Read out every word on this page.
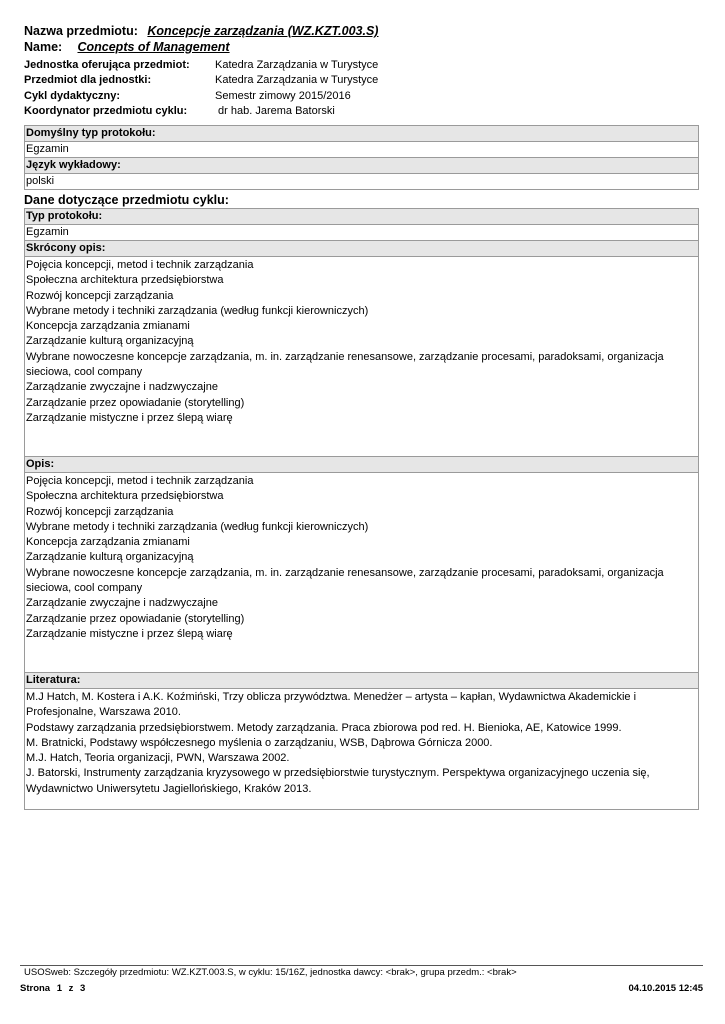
Nazwa przedmiotu: Koncepcje zarządzania (WZ.KZT.003.S)
Name: Concepts of Management
Jednostka oferująca przedmiot:	Katedra Zarządzania w Turystyce
Przedmiot dla jednostki:	Katedra Zarządzania w Turystyce
Cykl dydaktyczny:	Semestr zimowy 2015/2016
Koordynator przedmiotu cyklu:	dr hab. Jarema Batorski
Domyślny typ protokołu:
Egzamin
Język wykładowy:
polski
Dane dotyczące przedmiotu cyklu:
Typ protokołu:
Egzamin
Skrócony opis:
Pojęcia koncepcji, metod i technik zarządzania
Społeczna architektura przedsiębiorstwa
Rozwój koncepcji zarządzania
Wybrane metody i techniki zarządzania (według funkcji kierowniczych)
Koncepcja zarządzania zmianami
Zarządzanie kulturą organizacyjną
Wybrane nowoczesne koncepcje zarządzania, m. in. zarządzanie renesansowe, zarządzanie procesami, paradoksami, organizacja
sieciowa, cool company
Zarządzanie zwyczajne i nadzwyczajne
Zarządzanie przez opowiadanie (storytelling)
Zarządzanie mistyczne i przez ślepą wiarę
Opis:
Pojęcia koncepcji, metod i technik zarządzania
Społeczna architektura przedsiębiorstwa
Rozwój koncepcji zarządzania
Wybrane metody i techniki zarządzania (według funkcji kierowniczych)
Koncepcja zarządzania zmianami
Zarządzanie kulturą organizacyjną
Wybrane nowoczesne koncepcje zarządzania, m. in. zarządzanie renesansowe, zarządzanie procesami, paradoksami, organizacja
sieciowa, cool company
Zarządzanie zwyczajne i nadzwyczajne
Zarządzanie przez opowiadanie (storytelling)
Zarządzanie mistyczne i przez ślepą wiarę
Literatura:
M.J Hatch, M. Kostera i A.K. Koźmiński, Trzy oblicza przywództwa. Menedżer – artysta – kapłan, Wydawnictwa Akademickie i
Profesjonalne, Warszawa 2010.
Podstawy zarządzania przedsiębiorstwem. Metody zarządzania. Praca zbiorowa pod red. H. Bienioka, AE, Katowice 1999.
M. Bratnicki, Podstawy współczesnego myślenia o zarządzaniu, WSB, Dąbrowa Górnicza 2000.
M.J. Hatch, Teoria organizacji, PWN, Warszawa 2002.
J. Batorski, Instrumenty zarządzania kryzysowego w przedsiębiorstwie turystycznym. Perspektywa organizacyjnego uczenia się,
Wydawnictwo Uniwersytetu Jagiellońskiego, Kraków 2013.
USOSweb: Szczegóły przedmiotu: WZ.KZT.003.S, w cyklu: 15/16Z, jednostka dawcy: <brak>, grupa przedm.: <brak>
Strona 1 z 3	04.10.2015 12:45
